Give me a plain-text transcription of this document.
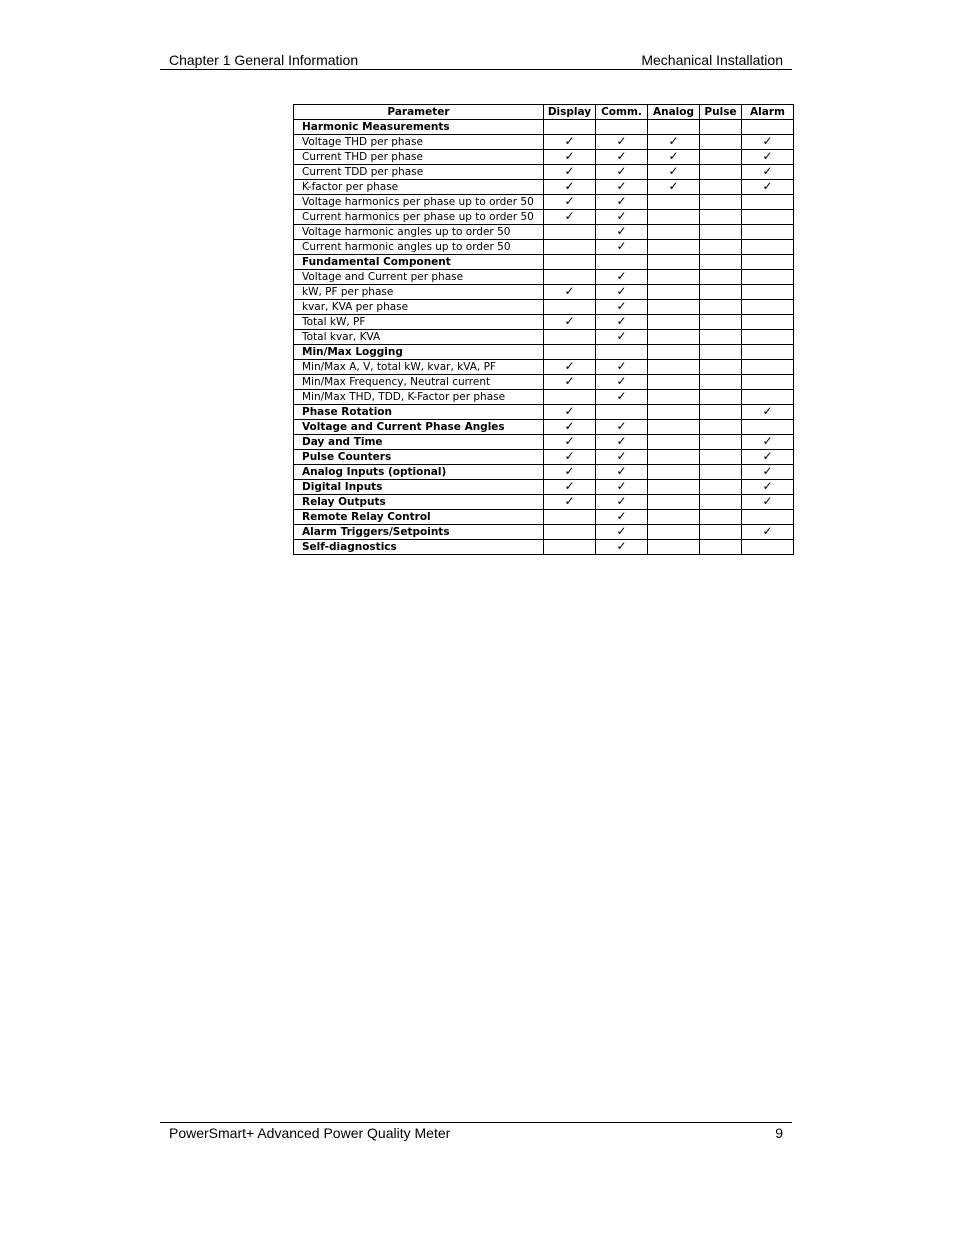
Chapter 1 General Information	Mechanical Installation
Parameter	Display	Comm.	Analog	Pulse	Alarm
Harmonic Measurements					
Voltage THD per phase	✓	✓	✓		✓
Current THD per phase	✓	✓	✓		✓
Current TDD per phase	✓	✓	✓		✓
K-factor per phase	✓	✓	✓		✓
Voltage harmonics per phase up to order 50	✓	✓			
Current harmonics per phase up to order 50	✓	✓			
Voltage harmonic angles up to order 50		✓			
Current harmonic angles up to order 50		✓			
Fundamental Component					
Voltage and Current per phase		✓			
kW, PF per phase	✓	✓			
kvar, KVA per phase		✓			
Total kW, PF	✓	✓			
Total kvar, KVA		✓			
Min/Max Logging					
Min/Max A, V, total kW, kvar, kVA, PF	✓	✓			
Min/Max Frequency, Neutral current	✓	✓			
Min/Max THD, TDD, K-Factor per phase		✓			
Phase Rotation	✓				✓
Voltage and Current Phase Angles	✓	✓			
Day and Time	✓	✓			✓
Pulse Counters	✓	✓			✓
Analog Inputs (optional)	✓	✓			✓
Digital Inputs	✓	✓			✓
Relay Outputs	✓	✓			✓
Remote Relay Control		✓			
Alarm Triggers/Setpoints		✓			✓
Self-diagnostics		✓			
PowerSmart+ Advanced Power Quality Meter	9
